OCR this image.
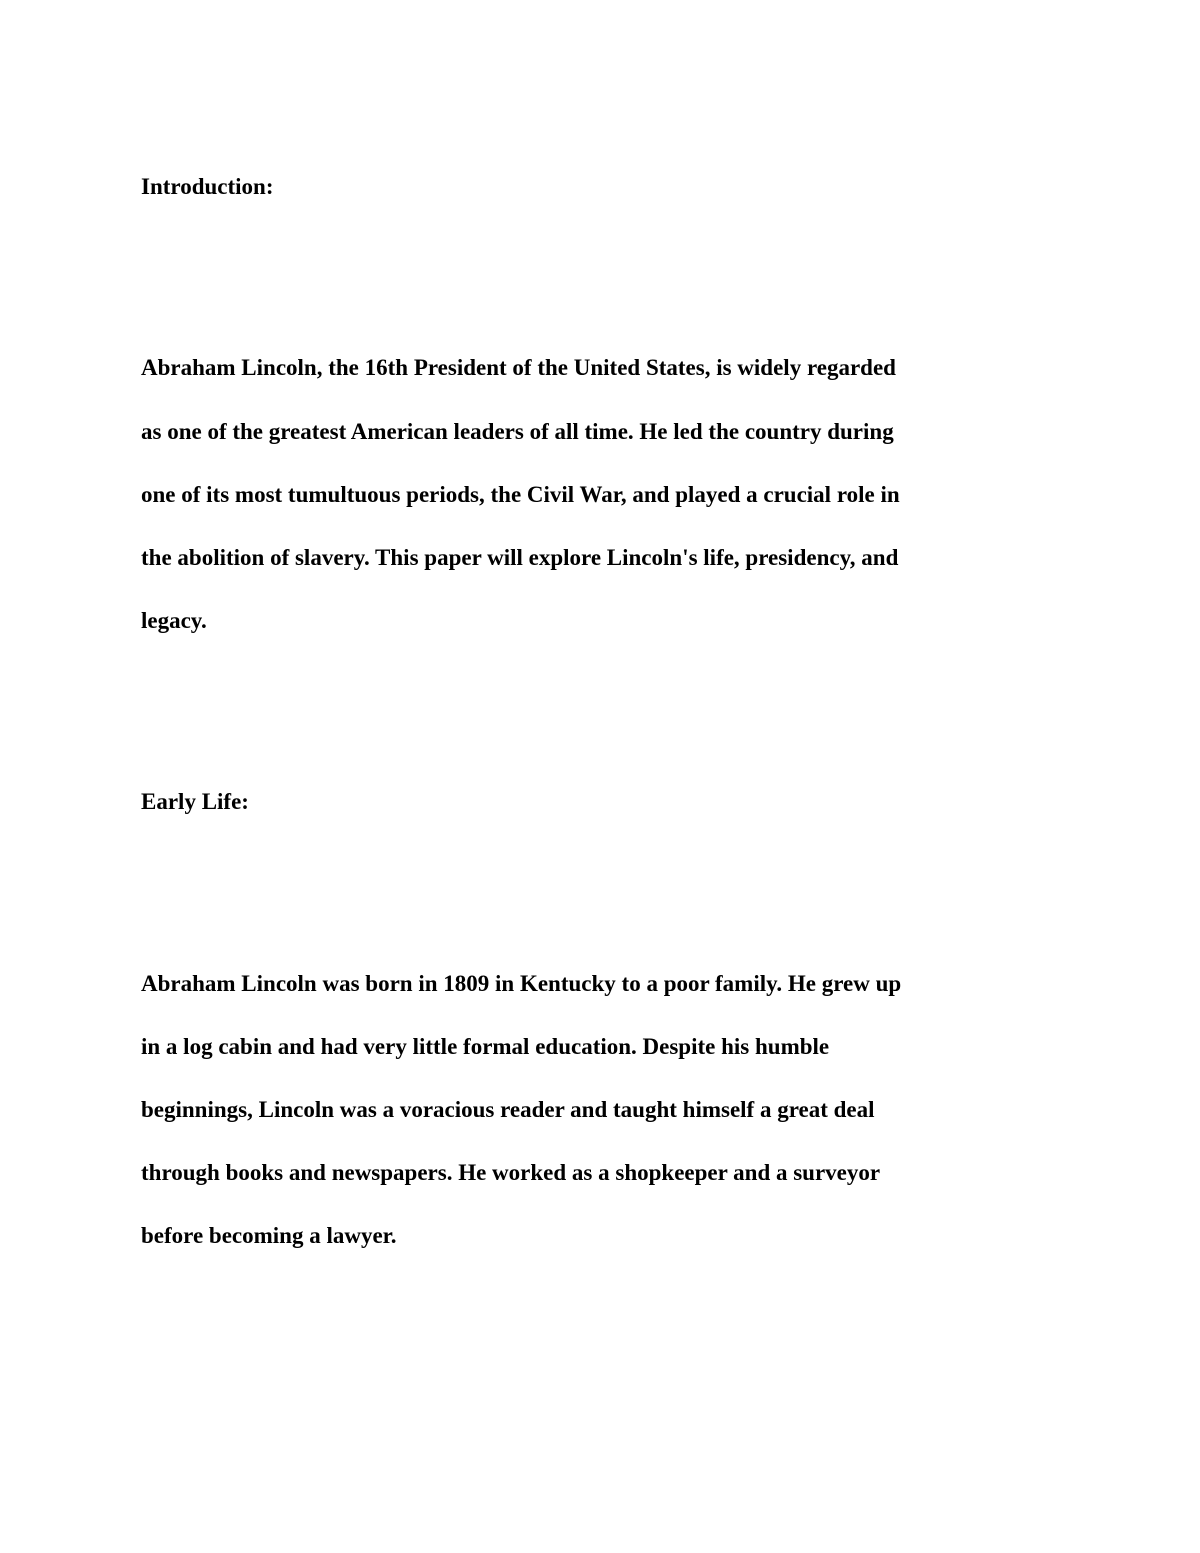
Introduction:

Abraham Lincoln, the 16th President of the United States, is widely regarded

as one of the greatest American leaders of all time. He led the country during

one of its most tumultuous periods, the Civil War, and played a crucial role in

the abolition of slavery. This paper will explore Lincoln's life, presidency, and

legacy.

Early Life:

Abraham Lincoln was born in 1809 in Kentucky to a poor family. He grew up

in a log cabin and had very little formal education. Despite his humble

beginnings, Lincoln was a voracious reader and taught himself a great deal

through books and newspapers. He worked as a shopkeeper and a surveyor

before becoming a lawyer.
